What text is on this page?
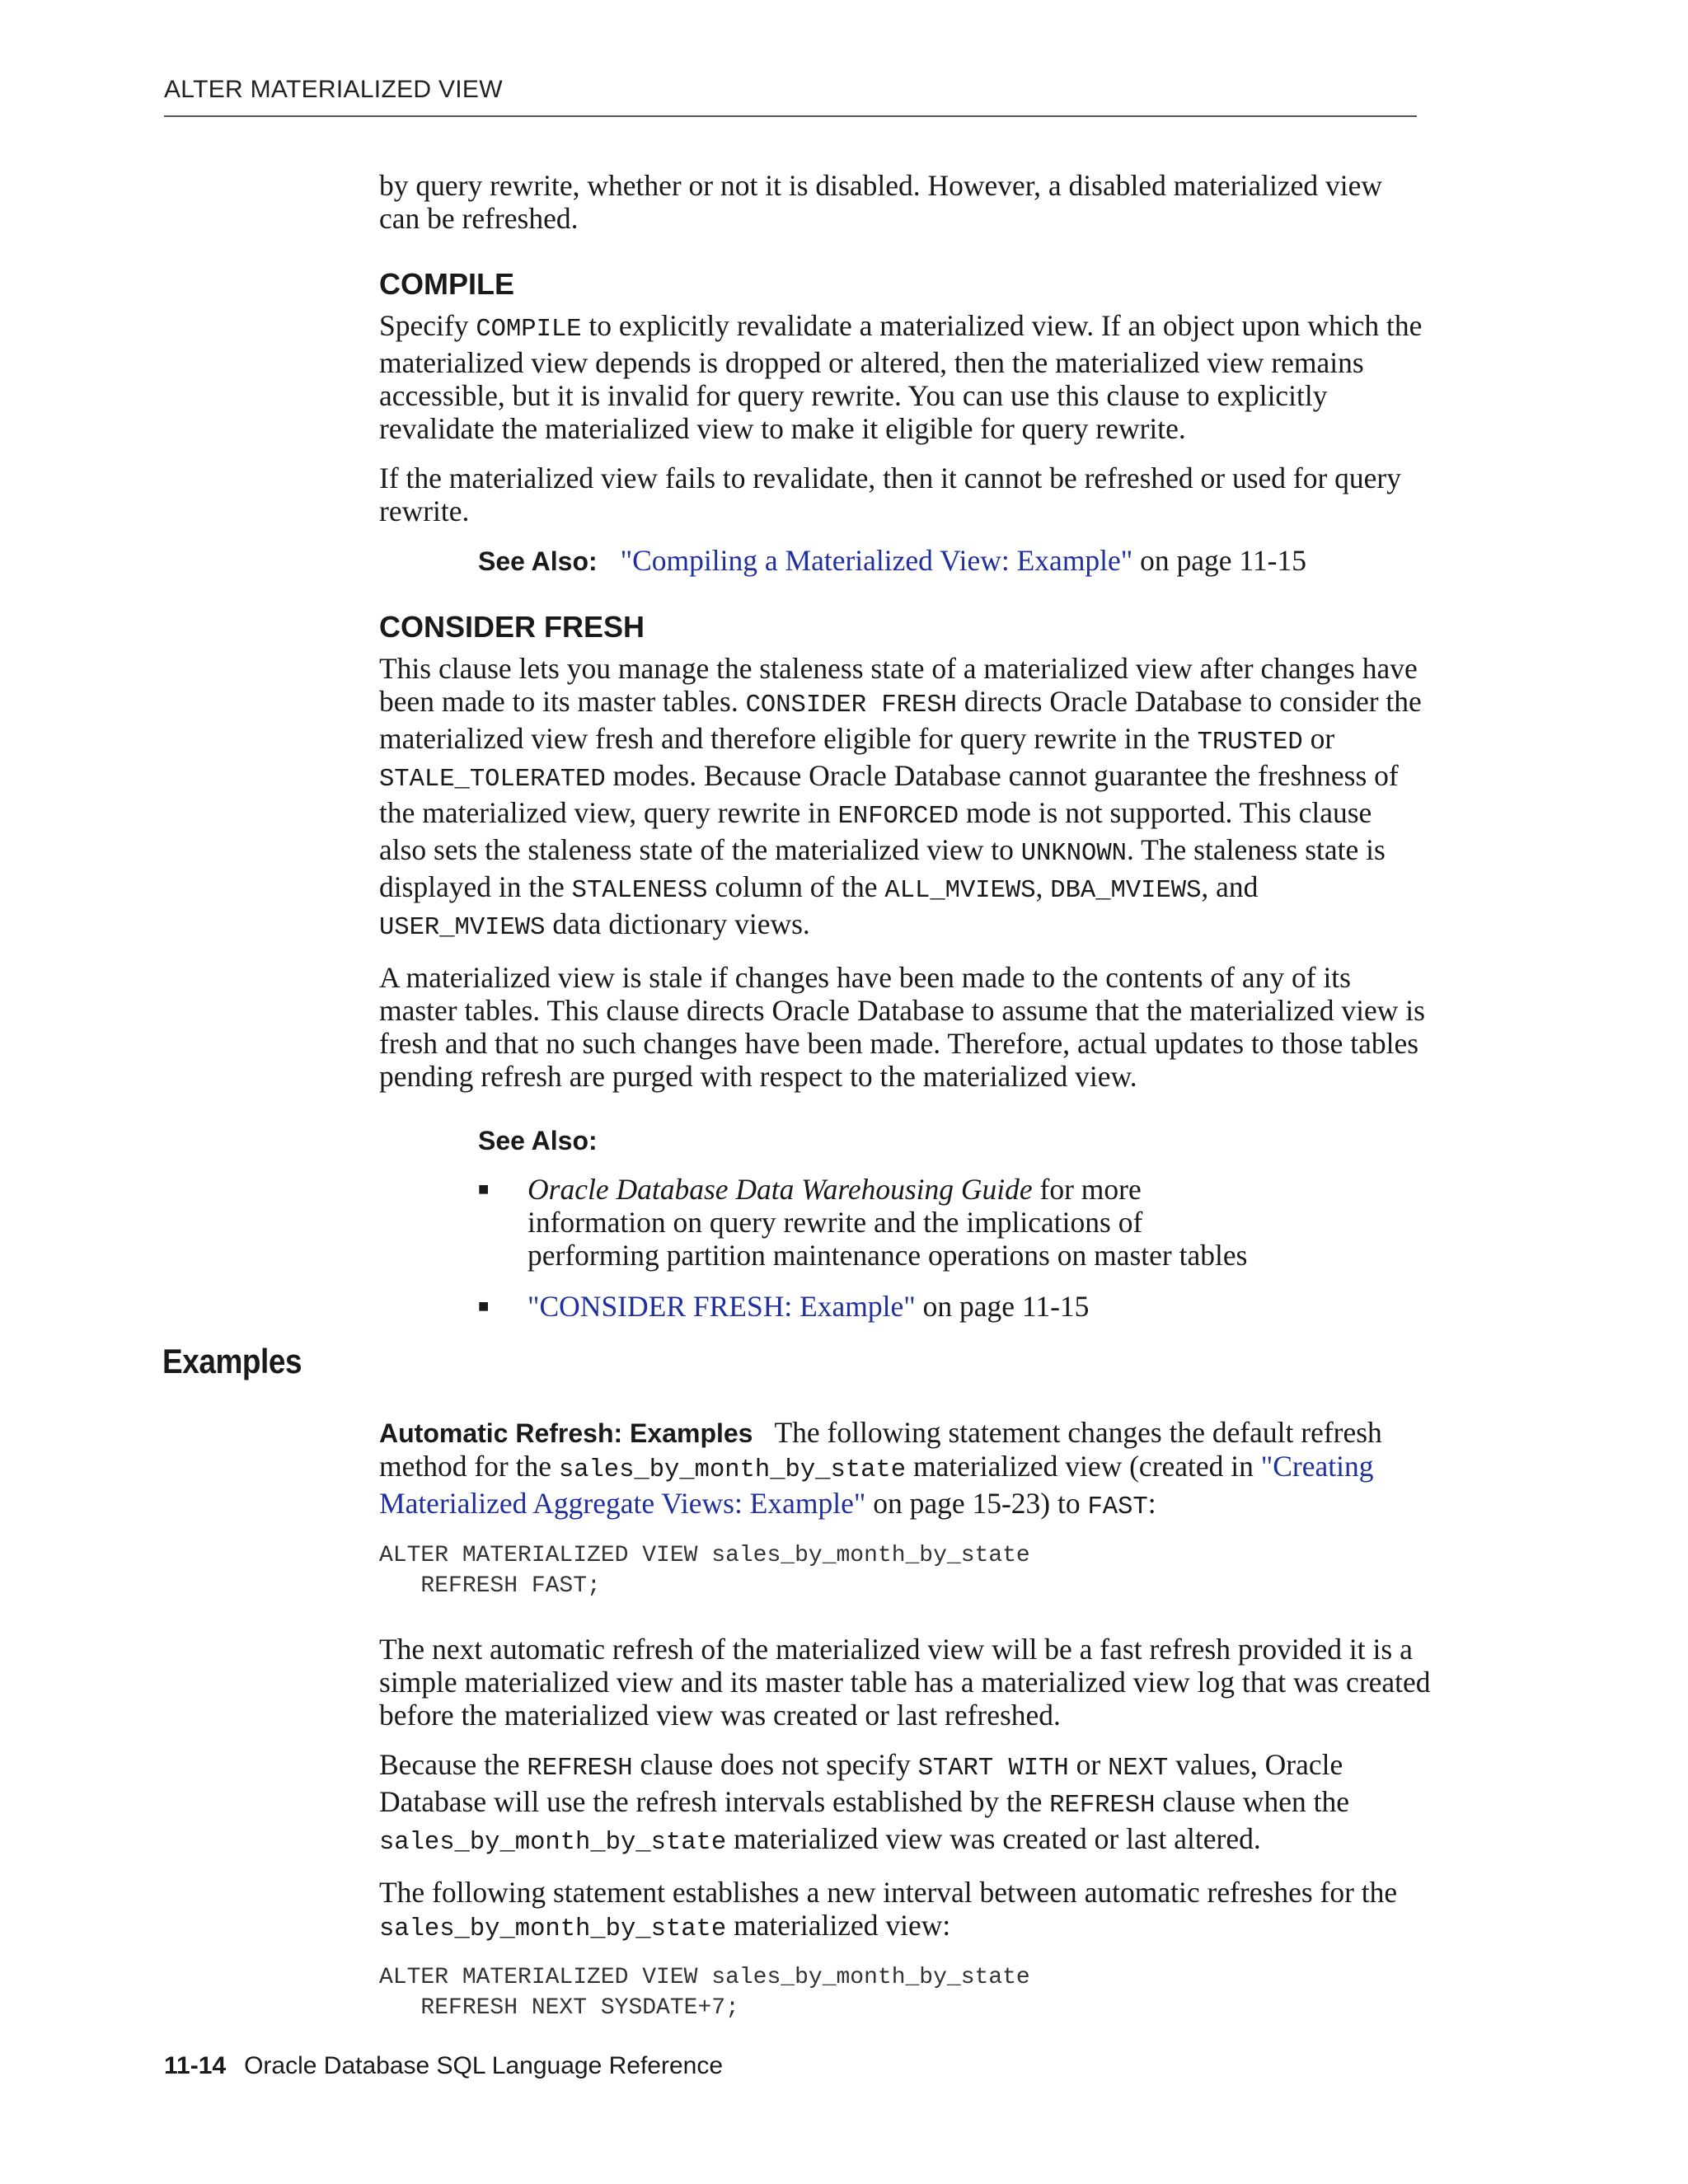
ALTER MATERIALIZED VIEW

by query rewrite, whether or not it is disabled. However, a disabled materialized view can be refreshed.

COMPILE

Specify COMPILE to explicitly revalidate a materialized view. If an object upon which the materialized view depends is dropped or altered, then the materialized view remains accessible, but it is invalid for query rewrite. You can use this clause to explicitly revalidate the materialized view to make it eligible for query rewrite.

If the materialized view fails to revalidate, then it cannot be refreshed or used for query rewrite.

See Also: "Compiling a Materialized View: Example" on page 11-15
CONSIDER FRESH

This clause lets you manage the staleness state of a materialized view after changes have been made to its master tables. CONSIDER FRESH directs Oracle Database to consider the materialized view fresh and therefore eligible for query rewrite in the TRUSTED or STALE_TOLERATED modes. Because Oracle Database cannot guarantee the freshness of the materialized view, query rewrite in ENFORCED mode is not supported. This clause also sets the staleness state of the materialized view to UNKNOWN. The staleness state is displayed in the STALENESS column of the ALL_MVIEWS, DBA_MVIEWS, and USER_MVIEWS data dictionary views.

A materialized view is stale if changes have been made to the contents of any of its master tables. This clause directs Oracle Database to assume that the materialized view is fresh and that no such changes have been made. Therefore, actual updates to those tables pending refresh are purged with respect to the materialized view.

See Also:
■ Oracle Database Data Warehousing Guide for more information on query rewrite and the implications of performing partition maintenance operations on master tables
■ "CONSIDER FRESH: Example" on page 11-15
Examples

Automatic Refresh: Examples The following statement changes the default refresh method for the sales_by_month_by_state materialized view (created in "Creating Materialized Aggregate Views: Example" on page 15-23) to FAST:

ALTER MATERIALIZED VIEW sales_by_month_by_state
REFRESH FAST;

The next automatic refresh of the materialized view will be a fast refresh provided it is a simple materialized view and its master table has a materialized view log that was created before the materialized view was created or last refreshed.

Because the REFRESH clause does not specify START WITH or NEXT values, Oracle Database will use the refresh intervals established by the REFRESH clause when the sales_by_month_by_state materialized view was created or last altered.

The following statement establishes a new interval between automatic refreshes for the sales_by_month_by_state materialized view:

ALTER MATERIALIZED VIEW sales_by_month_by_state
REFRESH NEXT SYSDATE+7;
11-14 Oracle Database SQL Language Reference
